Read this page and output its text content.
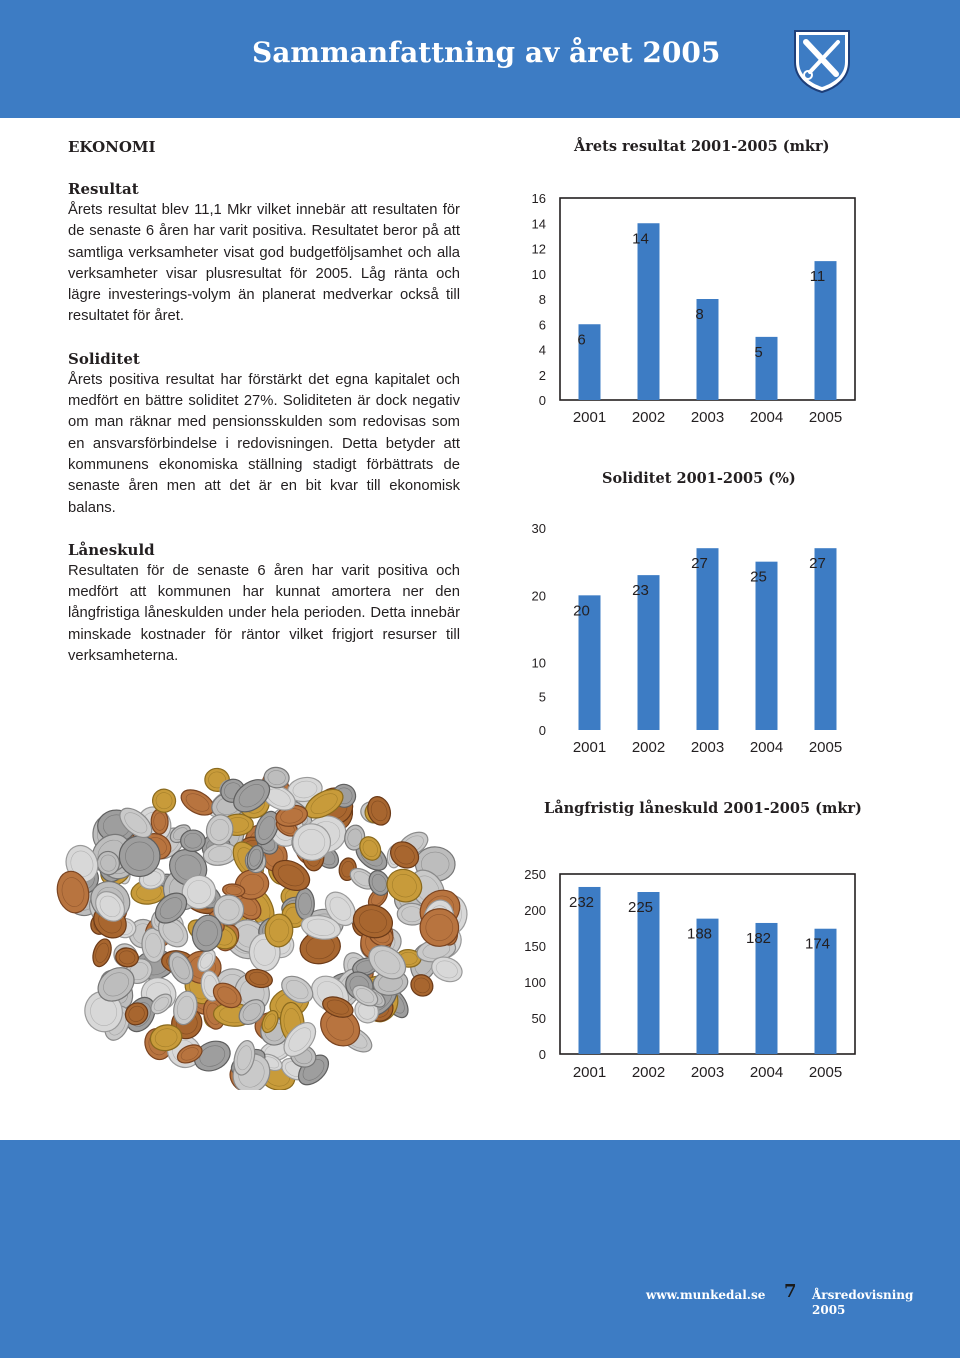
Sammanfattning av året 2005
EKONOMI
Resultat

Årets resultat blev 11,1 Mkr vilket innebär att resultaten för de senaste 6 åren har varit positiva. Resultatet beror på att samtliga verksamheter visat god budgetföljsamhet och alla verksamheter visar plusresultat för 2005. Låg ränta och lägre investerings-volym än planerat medverkar också till resultatet för året.

Soliditet

Årets positiva resultat har förstärkt det egna kapitalet och medfört en bättre soliditet 27%. Soliditeten är dock negativ om man räknar med pensionsskulden som redovisas som en ansvarsförbindelse i redovisningen. Detta betyder att kommunens ekonomiska ställning stadigt förbättrats de senaste åren men att det är en bit kvar till ekonomisk balans.

Låneskuld

Resultaten för de senaste 6 åren har varit positiva och medfört att kommunen har kunnat amortera ner den långfristiga låneskulden under hela perioden. Detta innebär minskade kostnader för räntor vilket frigjort resurser till verksamheterna.

Årets resultat 2001-2005 (mkr)
0
2
4
6
8
10
12
14
16
6
2001
14
2002
8
2003
5
2004
11
2005
Soliditet 2001-2005 (%)
0
5
10
20
30
20
2001
23
2002
27
2003
25
2004
27
2005
Långfristig låneskuld 2001-2005 (mkr)
0
50
100
150
200
250
232
2001
225
2002
188
2003
182
2004
174
2005
www.munkedal.se 7 Årsredovisning
2005
